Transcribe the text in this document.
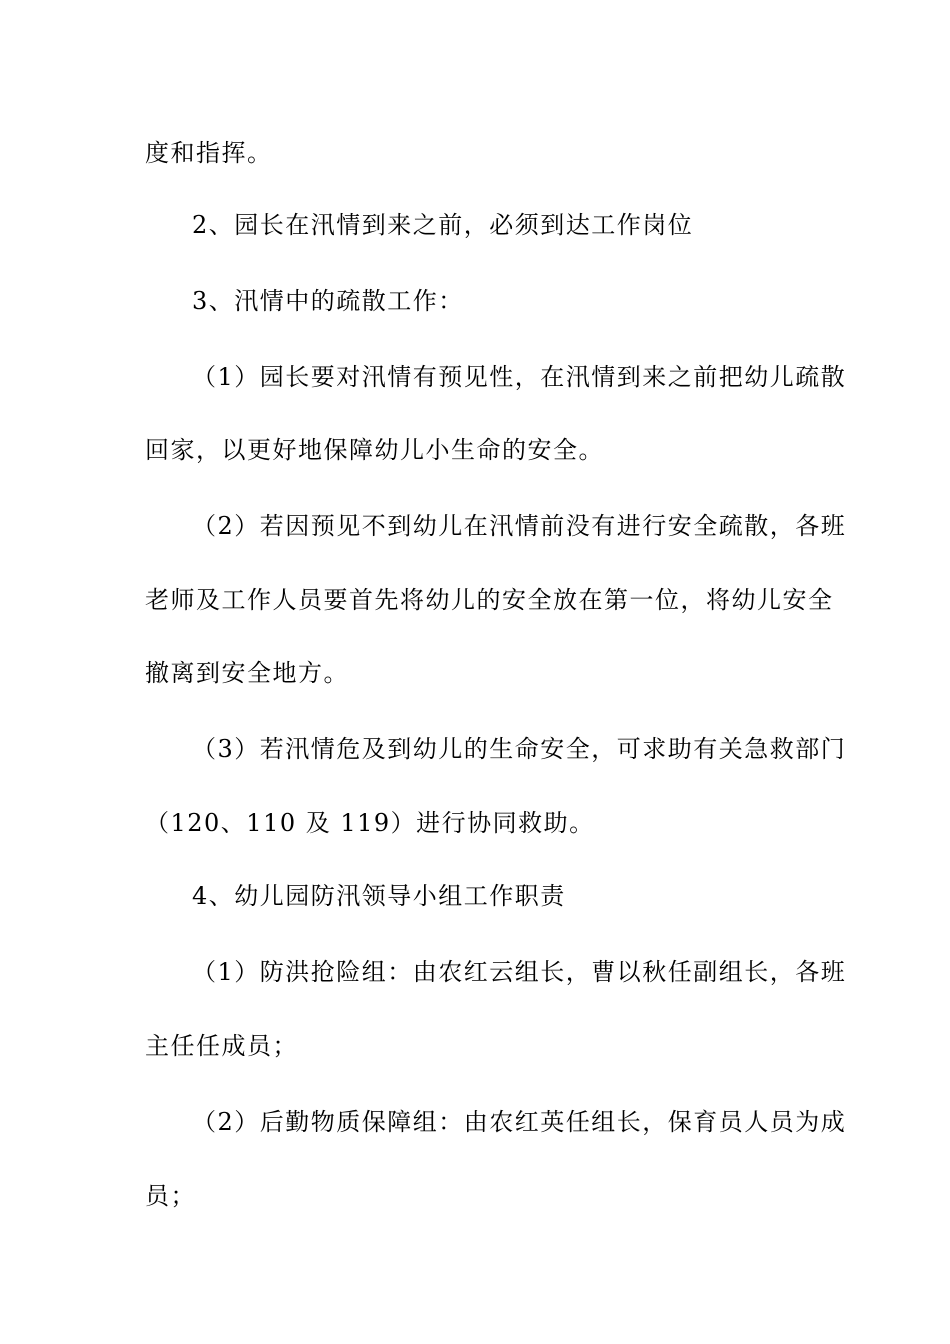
度和指挥。
2、园长在汛情到来之前，必须到达工作岗位
3、汛情中的疏散工作：
（1）园长要对汛情有预见性，在汛情到来之前把幼儿疏散
回家，以更好地保障幼儿小生命的安全。
（2）若因预见不到幼儿在汛情前没有进行安全疏散，各班
老师及工作人员要首先将幼儿的安全放在第一位，将幼儿安全
撤离到安全地方。
（3）若汛情危及到幼儿的生命安全，可求助有关急救部门
（120、110 及 119）进行协同救助。
4、幼儿园防汛领导小组工作职责
（1）防洪抢险组：由农红云组长，曹以秋任副组长，各班
主任任成员；
（2）后勤物质保障组：由农红英任组长，保育员人员为成
员；
